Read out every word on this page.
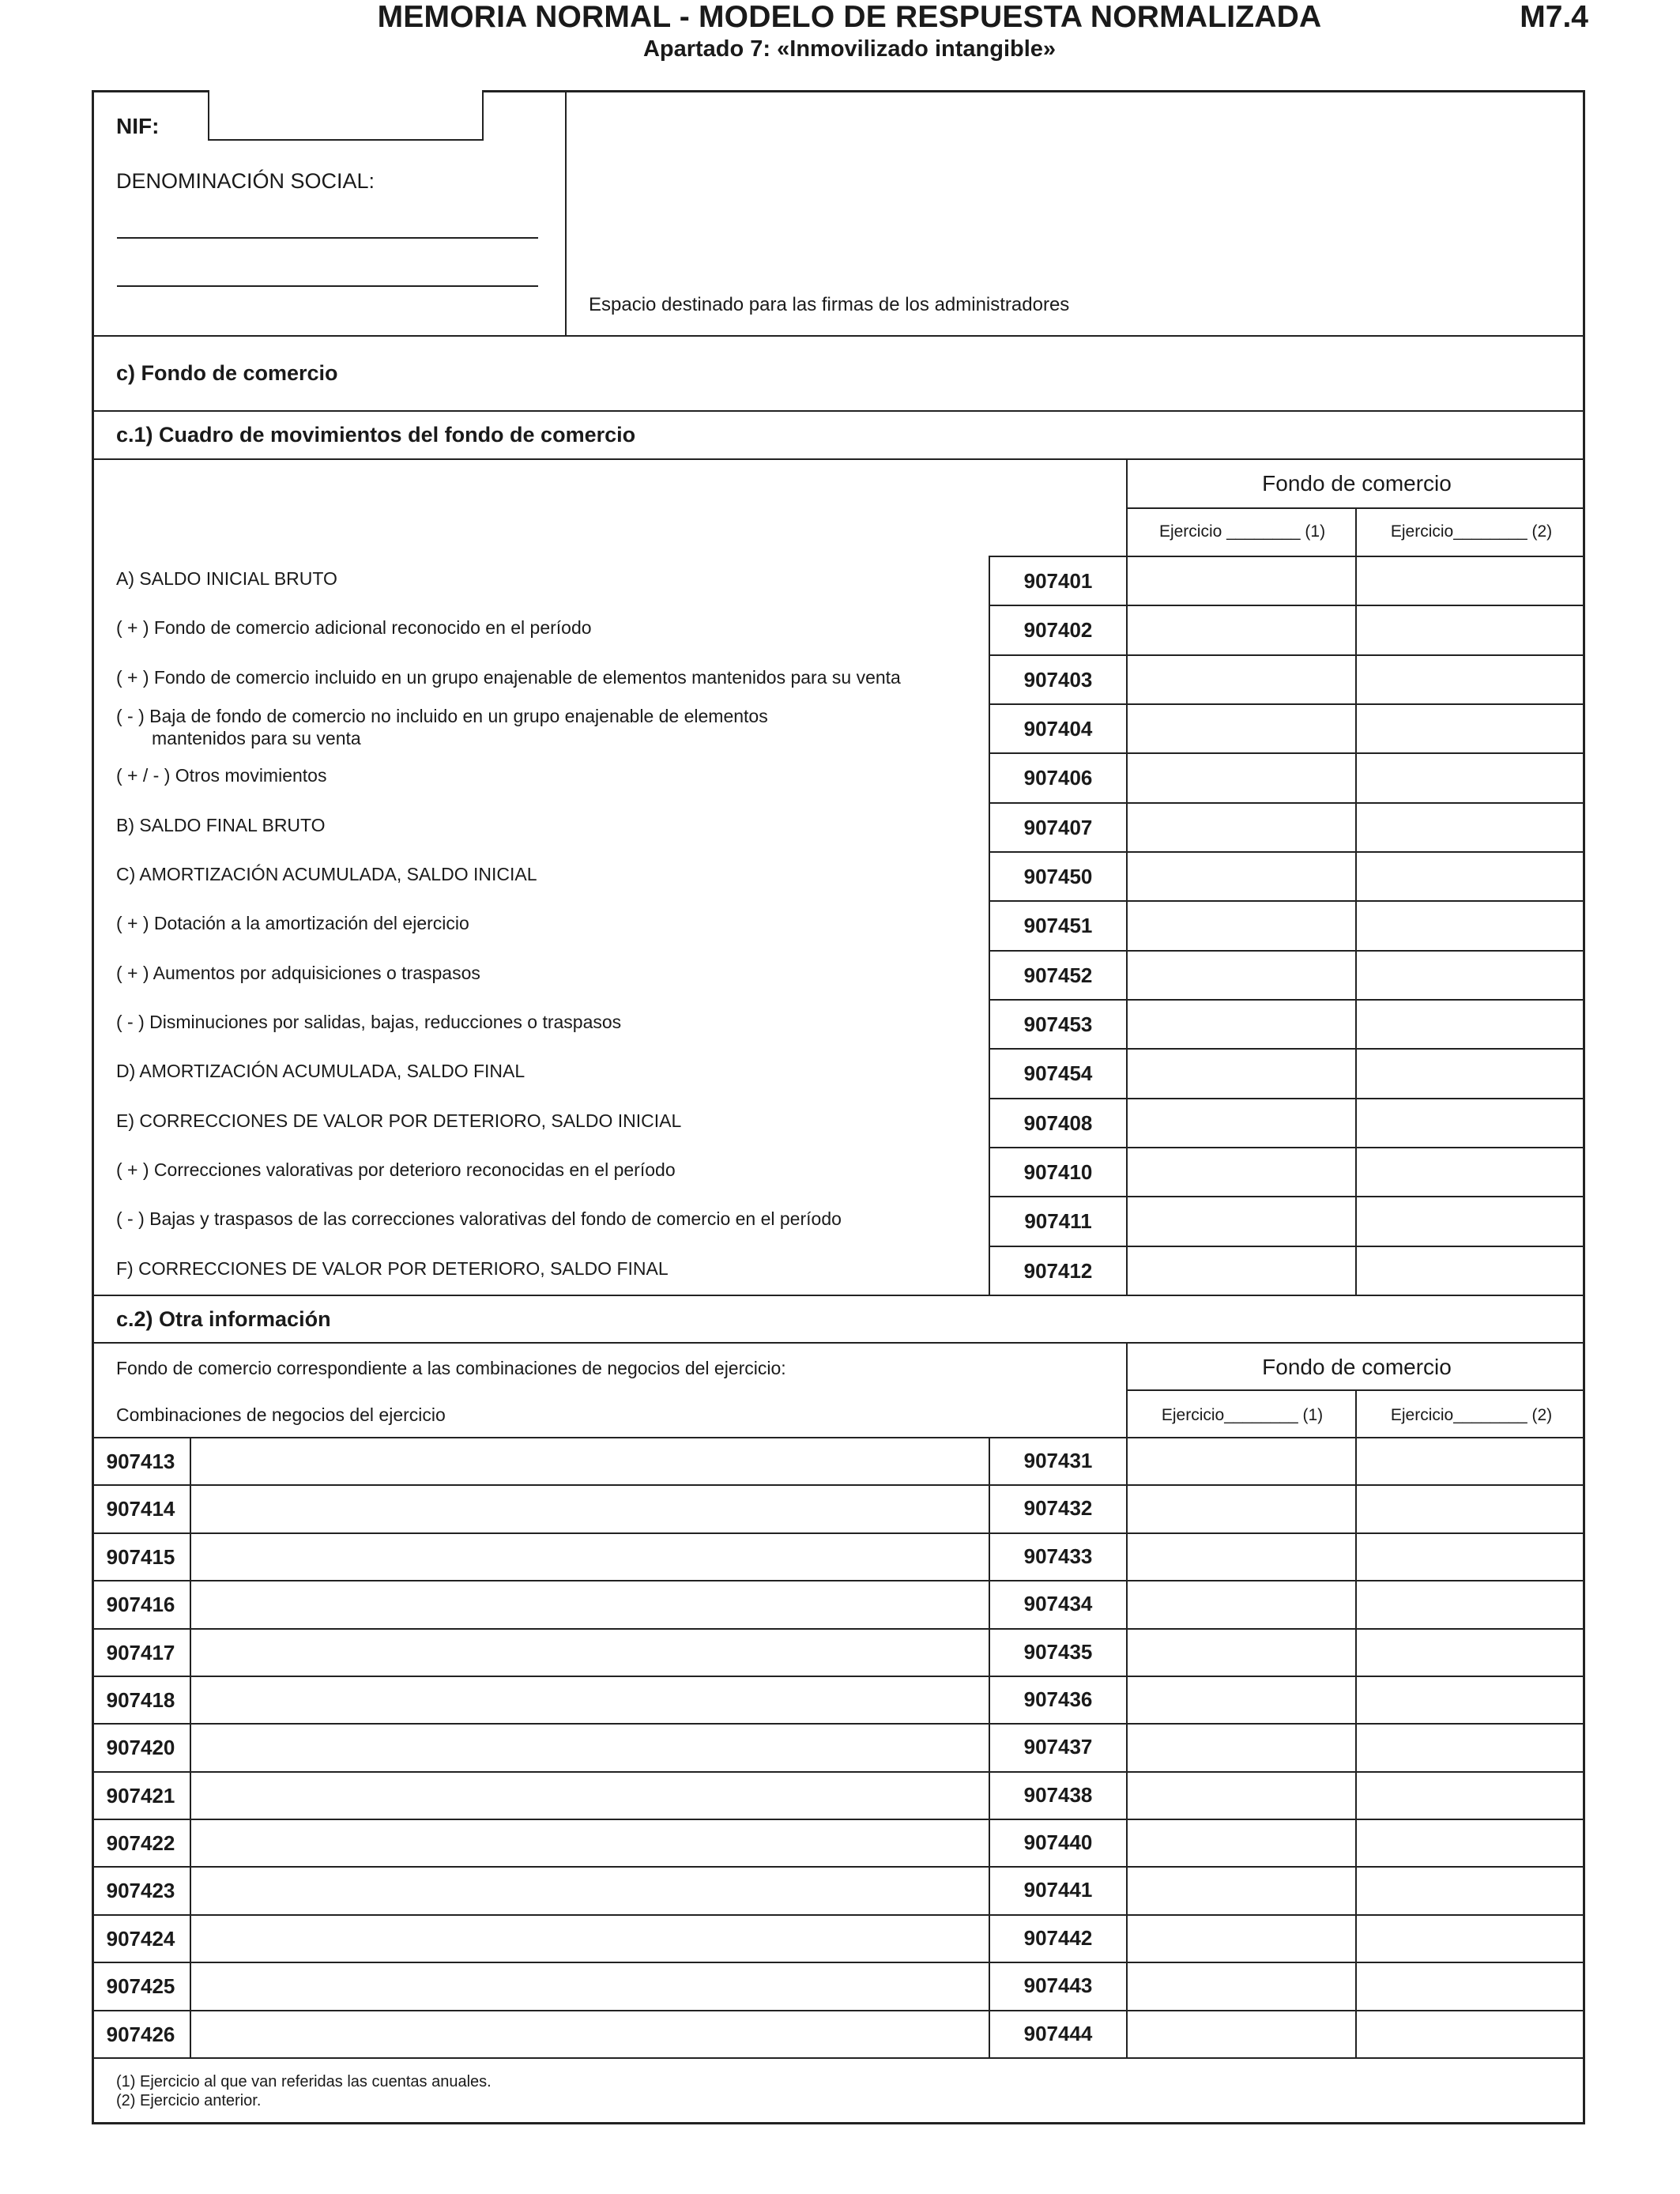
MEMORIA NORMAL - MODELO DE RESPUESTA NORMALIZADA
Apartado 7: «Inmovilizado intangible»
M7.4
NIF:
DENOMINACIÓN SOCIAL:
Espacio destinado para las firmas de los administradores
c) Fondo de comercio
c.1) Cuadro de movimientos del fondo de comercio
Fondo de comercio
Ejercicio ________ (1)	Ejercicio________ (2)
A) SALDO INICIAL BRUTO	907401
( + ) Fondo de comercio adicional reconocido en el período	907402
( + ) Fondo de comercio incluido en un grupo enajenable de elementos mantenidos para su venta	907403
( - ) Baja de fondo de comercio no incluido en un grupo enajenable de elementos
mantenidos para su venta	907404
( + / - ) Otros movimientos	907406
B) SALDO FINAL BRUTO	907407
C) AMORTIZACIÓN ACUMULADA, SALDO INICIAL	907450
( + ) Dotación a la amortización del ejercicio	907451
( + ) Aumentos por adquisiciones o traspasos	907452
( - ) Disminuciones por salidas, bajas, reducciones o traspasos	907453
D) AMORTIZACIÓN ACUMULADA, SALDO FINAL	907454
E) CORRECCIONES DE VALOR POR DETERIORO, SALDO INICIAL	907408
( + ) Correcciones valorativas por deterioro reconocidas en el período	907410
( - ) Bajas y traspasos de las correcciones valorativas del fondo de comercio en el período	907411
F) CORRECCIONES DE VALOR POR DETERIORO, SALDO FINAL	907412
c.2) Otra información
Fondo de comercio correspondiente a las combinaciones de negocios del ejercicio:
Combinaciones de negocios del ejercicio
Fondo de comercio
Ejercicio________ (1)	Ejercicio________ (2)
907413	907431
907414	907432
907415	907433
907416	907434
907417	907435
907418	907436
907420	907437
907421	907438
907422	907440
907423	907441
907424	907442
907425	907443
907426	907444
(1) Ejercicio al que van referidas las cuentas anuales.
(2) Ejercicio anterior.
